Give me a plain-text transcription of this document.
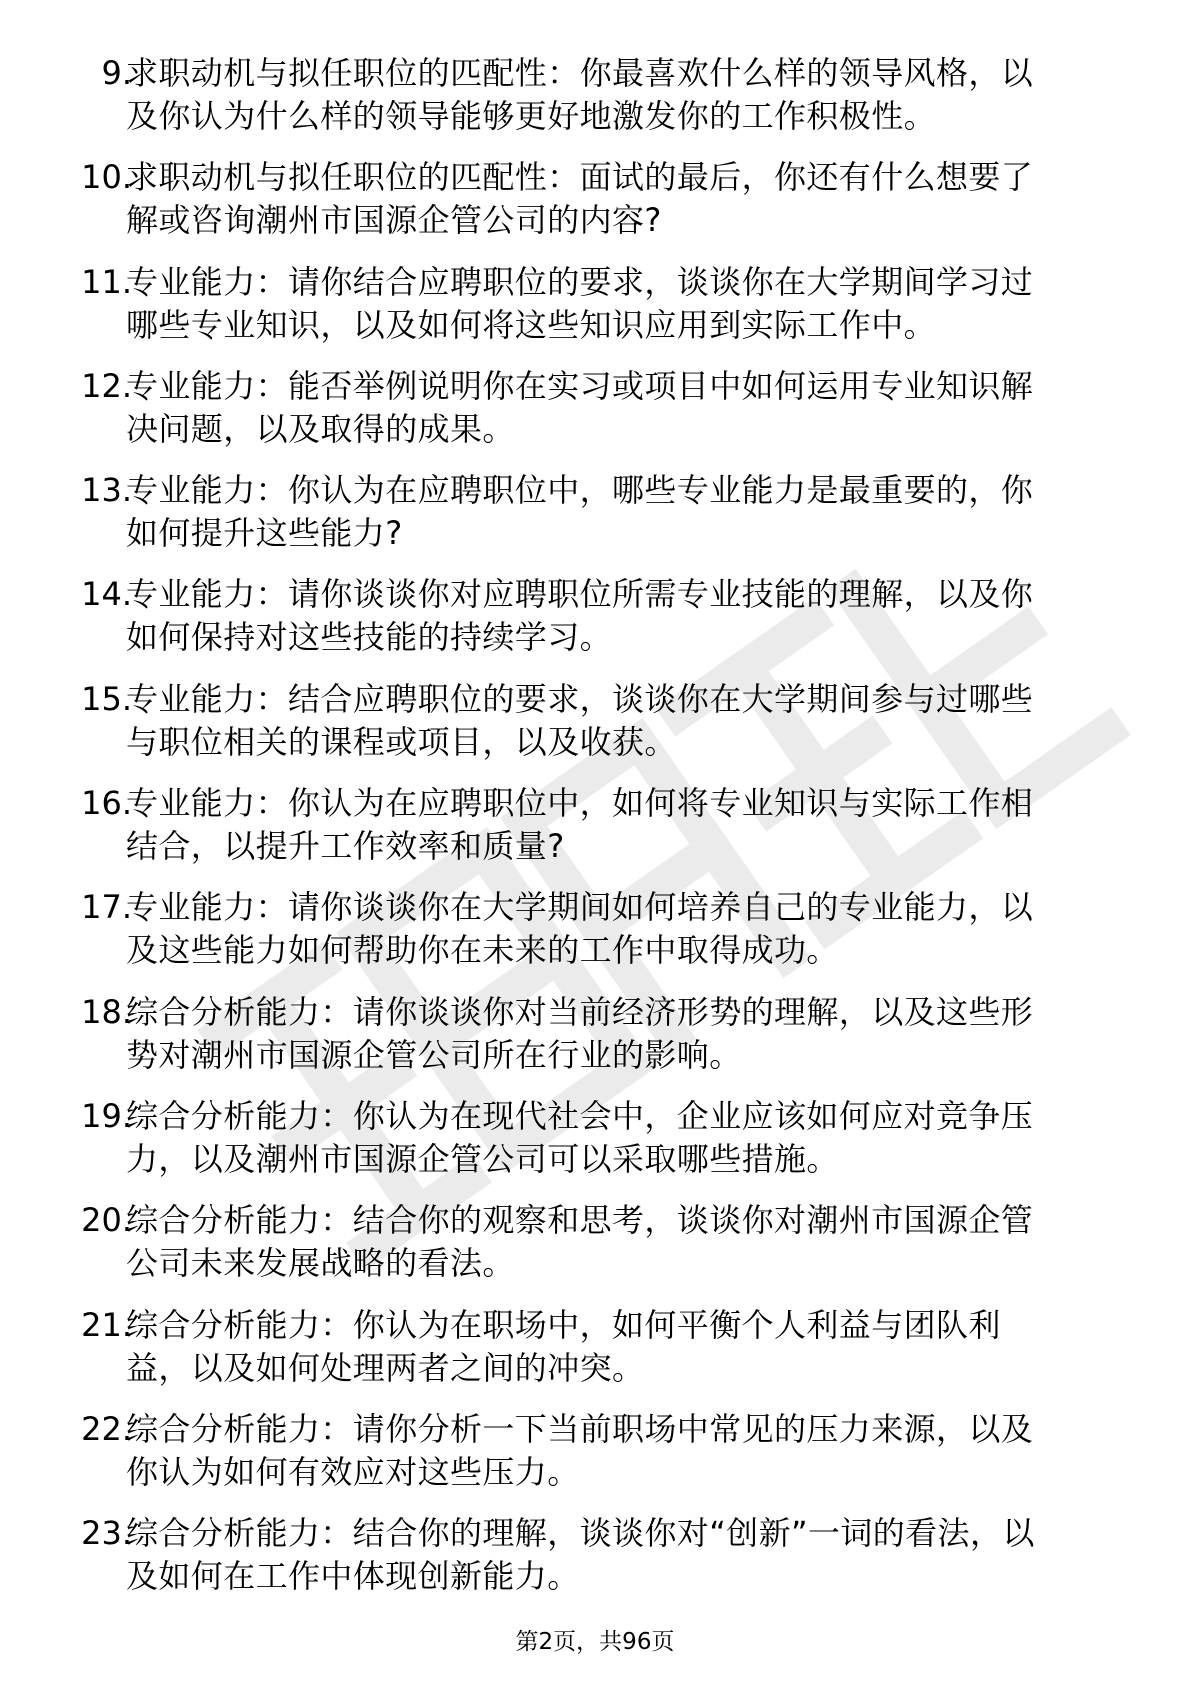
9.
求职动机与拟任职位的匹配性：你最喜欢什么样的领导风格，以
及你认为什么样的领导能够更好地激发你的工作积极性。
10.
求职动机与拟任职位的匹配性：面试的最后，你还有什么想要了
解或咨询潮州市国源企管公司的内容?
11.
专业能力：请你结合应聘职位的要求，谈谈你在大学期间学习过
哪些专业知识，以及如何将这些知识应用到实际工作中。
12.
专业能力：能否举例说明你在实习或项目中如何运用专业知识解
决问题，以及取得的成果。
13.
专业能力：你认为在应聘职位中，哪些专业能力是最重要的，你
如何提升这些能力?
14.
专业能力：请你谈谈你对应聘职位所需专业技能的理解，以及你
如何保持对这些技能的持续学习。
15.
专业能力：结合应聘职位的要求，谈谈你在大学期间参与过哪些
与职位相关的课程或项目，以及收获。
16.
专业能力：你认为在应聘职位中，如何将专业知识与实际工作相
结合，以提升工作效率和质量?
17.
专业能力：请你谈谈你在大学期间如何培养自己的专业能力，以
及这些能力如何帮助你在未来的工作中取得成功。
18.
综合分析能力：请你谈谈你对当前经济形势的理解，以及这些形
势对潮州市国源企管公司所在行业的影响。
19.
综合分析能力：你认为在现代社会中，企业应该如何应对竞争压
力，以及潮州市国源企管公司可以采取哪些措施。
20.
综合分析能力：结合你的观察和思考，谈谈你对潮州市国源企管
公司未来发展战略的看法。
21.
综合分析能力：你认为在职场中，如何平衡个人利益与团队利
益，以及如何处理两者之间的冲突。
22.
综合分析能力：请你分析一下当前职场中常见的压力来源，以及
你认为如何有效应对这些压力。
23.
综合分析能力：结合你的理解，谈谈你对“创新”一词的看法，以
及如何在工作中体现创新能力。
第2页，共96页
